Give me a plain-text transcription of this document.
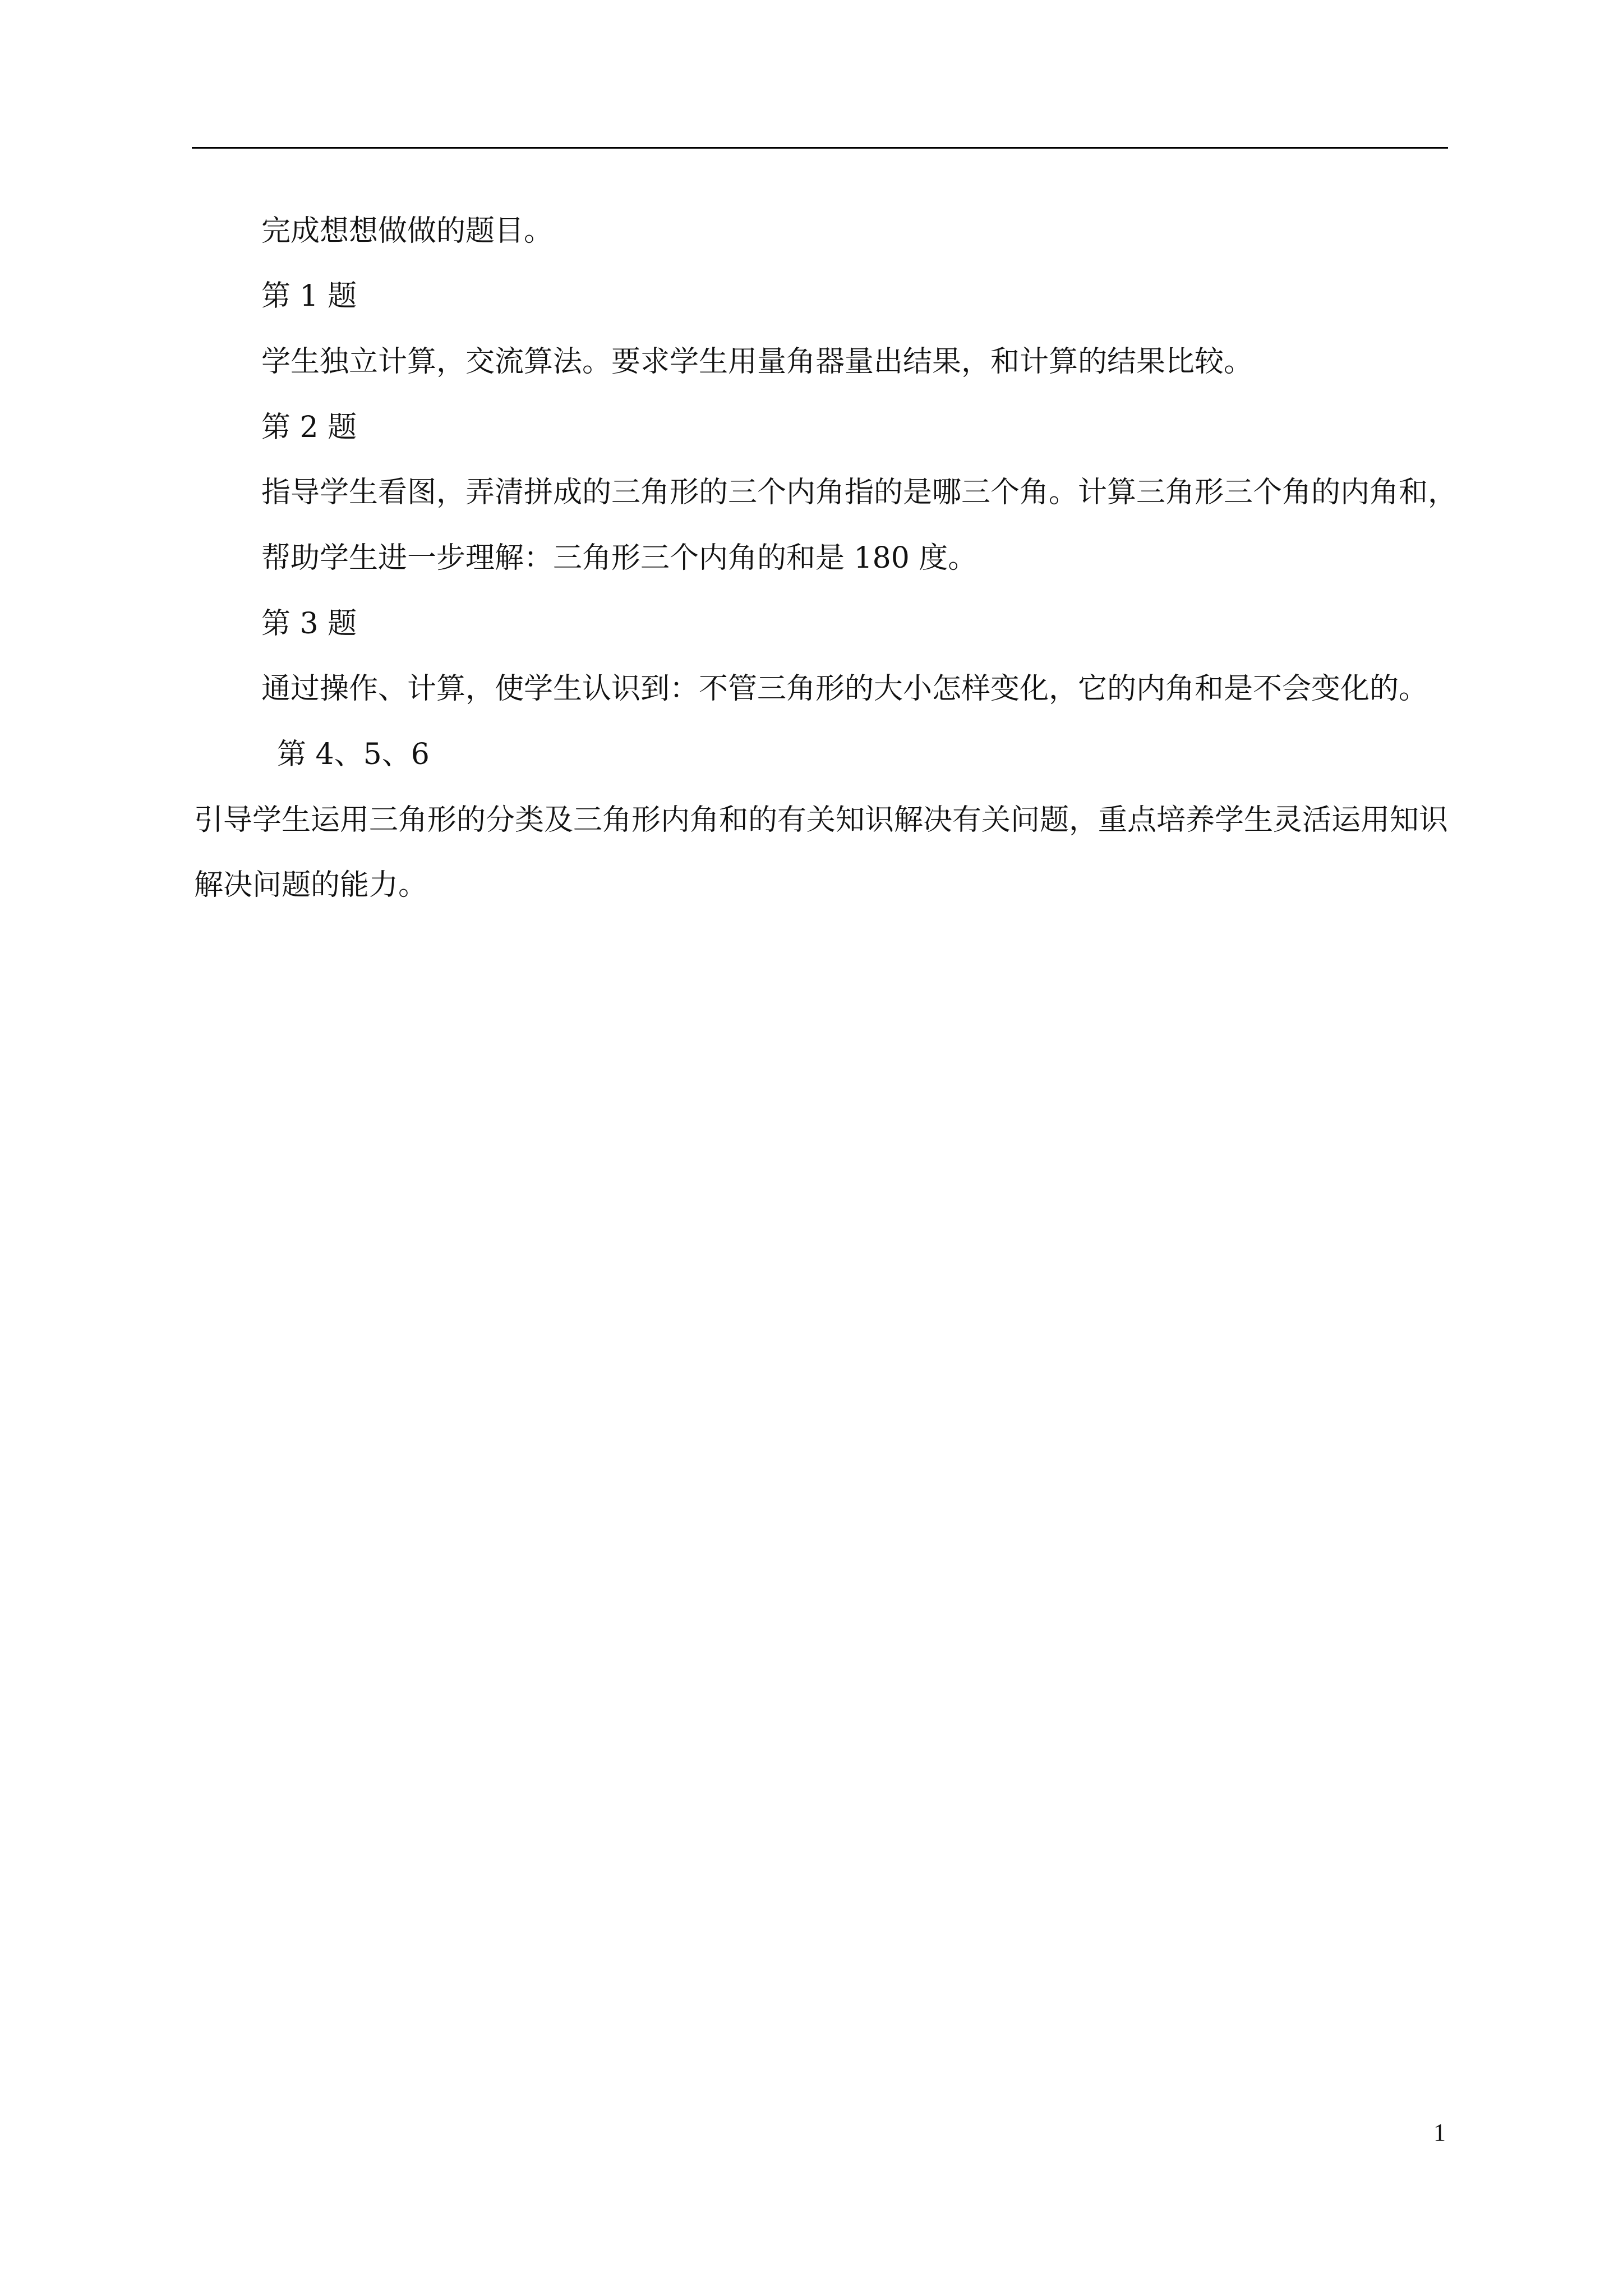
完成想想做做的题目。
第 1 题
学生独立计算，交流算法。要求学生用量角器量出结果，和计算的结果比较。
第 2 题
指导学生看图，弄清拼成的三角形的三个内角指的是哪三个角。计算三角形三个角的内角和，
帮助学生进一步理解：三角形三个内角的和是 180 度。
第 3 题
通过操作、计算，使学生认识到：不管三角形的大小怎样变化，它的内角和是不会变化的。
第 4、5、6
引导学生运用三角形的分类及三角形内角和的有关知识解决有关问题，重点培养学生灵活运用知识
解决问题的能力。
1
